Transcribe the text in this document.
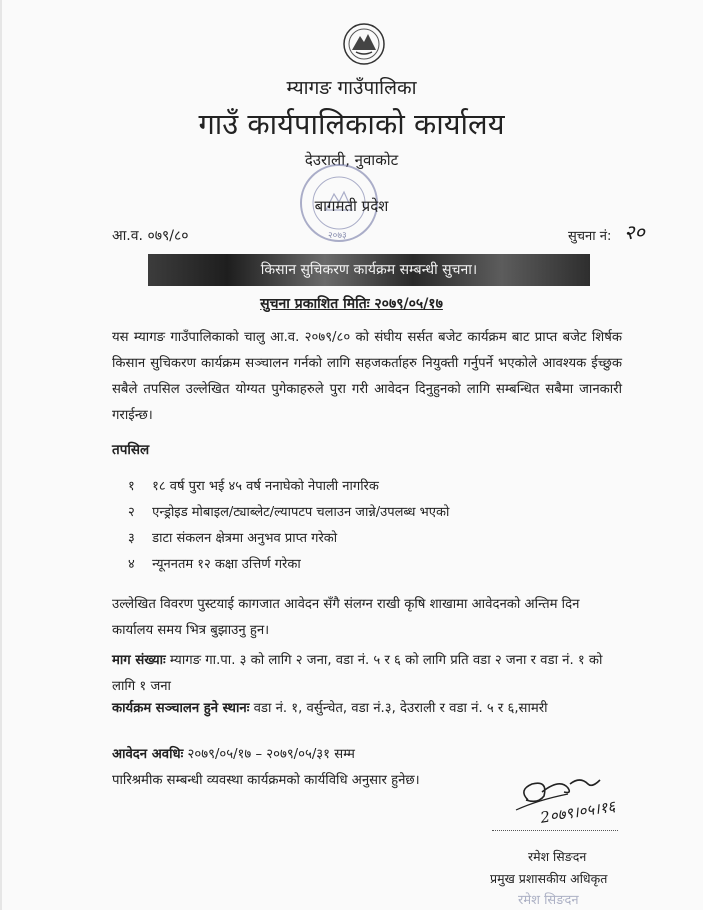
म्यागङ गाउँपालिका
गाउँ कार्यपालिकाको कार्यालय
देउराली, नुवाकोट
२०७३
बागमती प्रदेश
आ.व. ०७९/८०	सुचना नं: २०
किसान सुचिकरण कार्यक्रम सम्बन्धी सुचना।
सुचना प्रकाशित मितिः २०७९/०५/१७
यस म्यागङ गाउँपालिकाको चालु आ.व. २०७९/८० को संघीय सर्सत बजेट कार्यक्रम बाट प्राप्त बजेट शिर्षक किसान सुचिकरण कार्यक्रम सञ्चालन गर्नको लागि सहजकर्ताहरु नियुक्ती गर्नुपर्ने भएकोले आवश्यक ईच्छुक सबैले तपसिल उल्लेखित योग्यत पुगेकाहरुले पुरा गरी आवेदन दिनुहुनको लागि सम्बन्धित सबैमा जानकारी गराईन्छ।
तपसिल
१ १८ वर्ष पुरा भई ४५ वर्ष ननाघेको नेपाली नागरिक
२ एन्ड्रोइड मोबाइल/ट्याब्लेट/ल्यापटप चलाउन जान्ने/उपलब्ध भएको
३ डाटा संकलन क्षेत्रमा अनुभव प्राप्त गरेको
४ न्यूननतम १२ कक्षा उत्तिर्ण गरेका
उल्लेखित विवरण पुस्टयाई कागजात आवेदन सँगै संलग्न राखी कृषि शाखामा आवेदनको अन्तिम दिन कार्यालय समय भित्र बुझाउनु हुन।
माग संख्याः म्यागङ गा.पा. ३ को लागि २ जना, वडा नं. ५ र ६ को लागि प्रति वडा २ जना र वडा नं. १ को लागि १ जना
कार्यक्रम सञ्चालन हुने स्थानः वडा नं. १, वर्सुन्चेत, वडा नं.३, देउराली र वडा नं. ५ र ६,सामरी
आवेदन अवधिः २०७९/०५/१७ – २०७९/०५/३१ सम्म
पारिश्रमीक सम्बन्धी व्यवस्था कार्यक्रमको कार्यविधि अनुसार हुनेछ।
2०७९।०५।१६
रमेश सिङदन
प्रमुख प्रशासकीय अधिकृत
रमेश सिङदन
